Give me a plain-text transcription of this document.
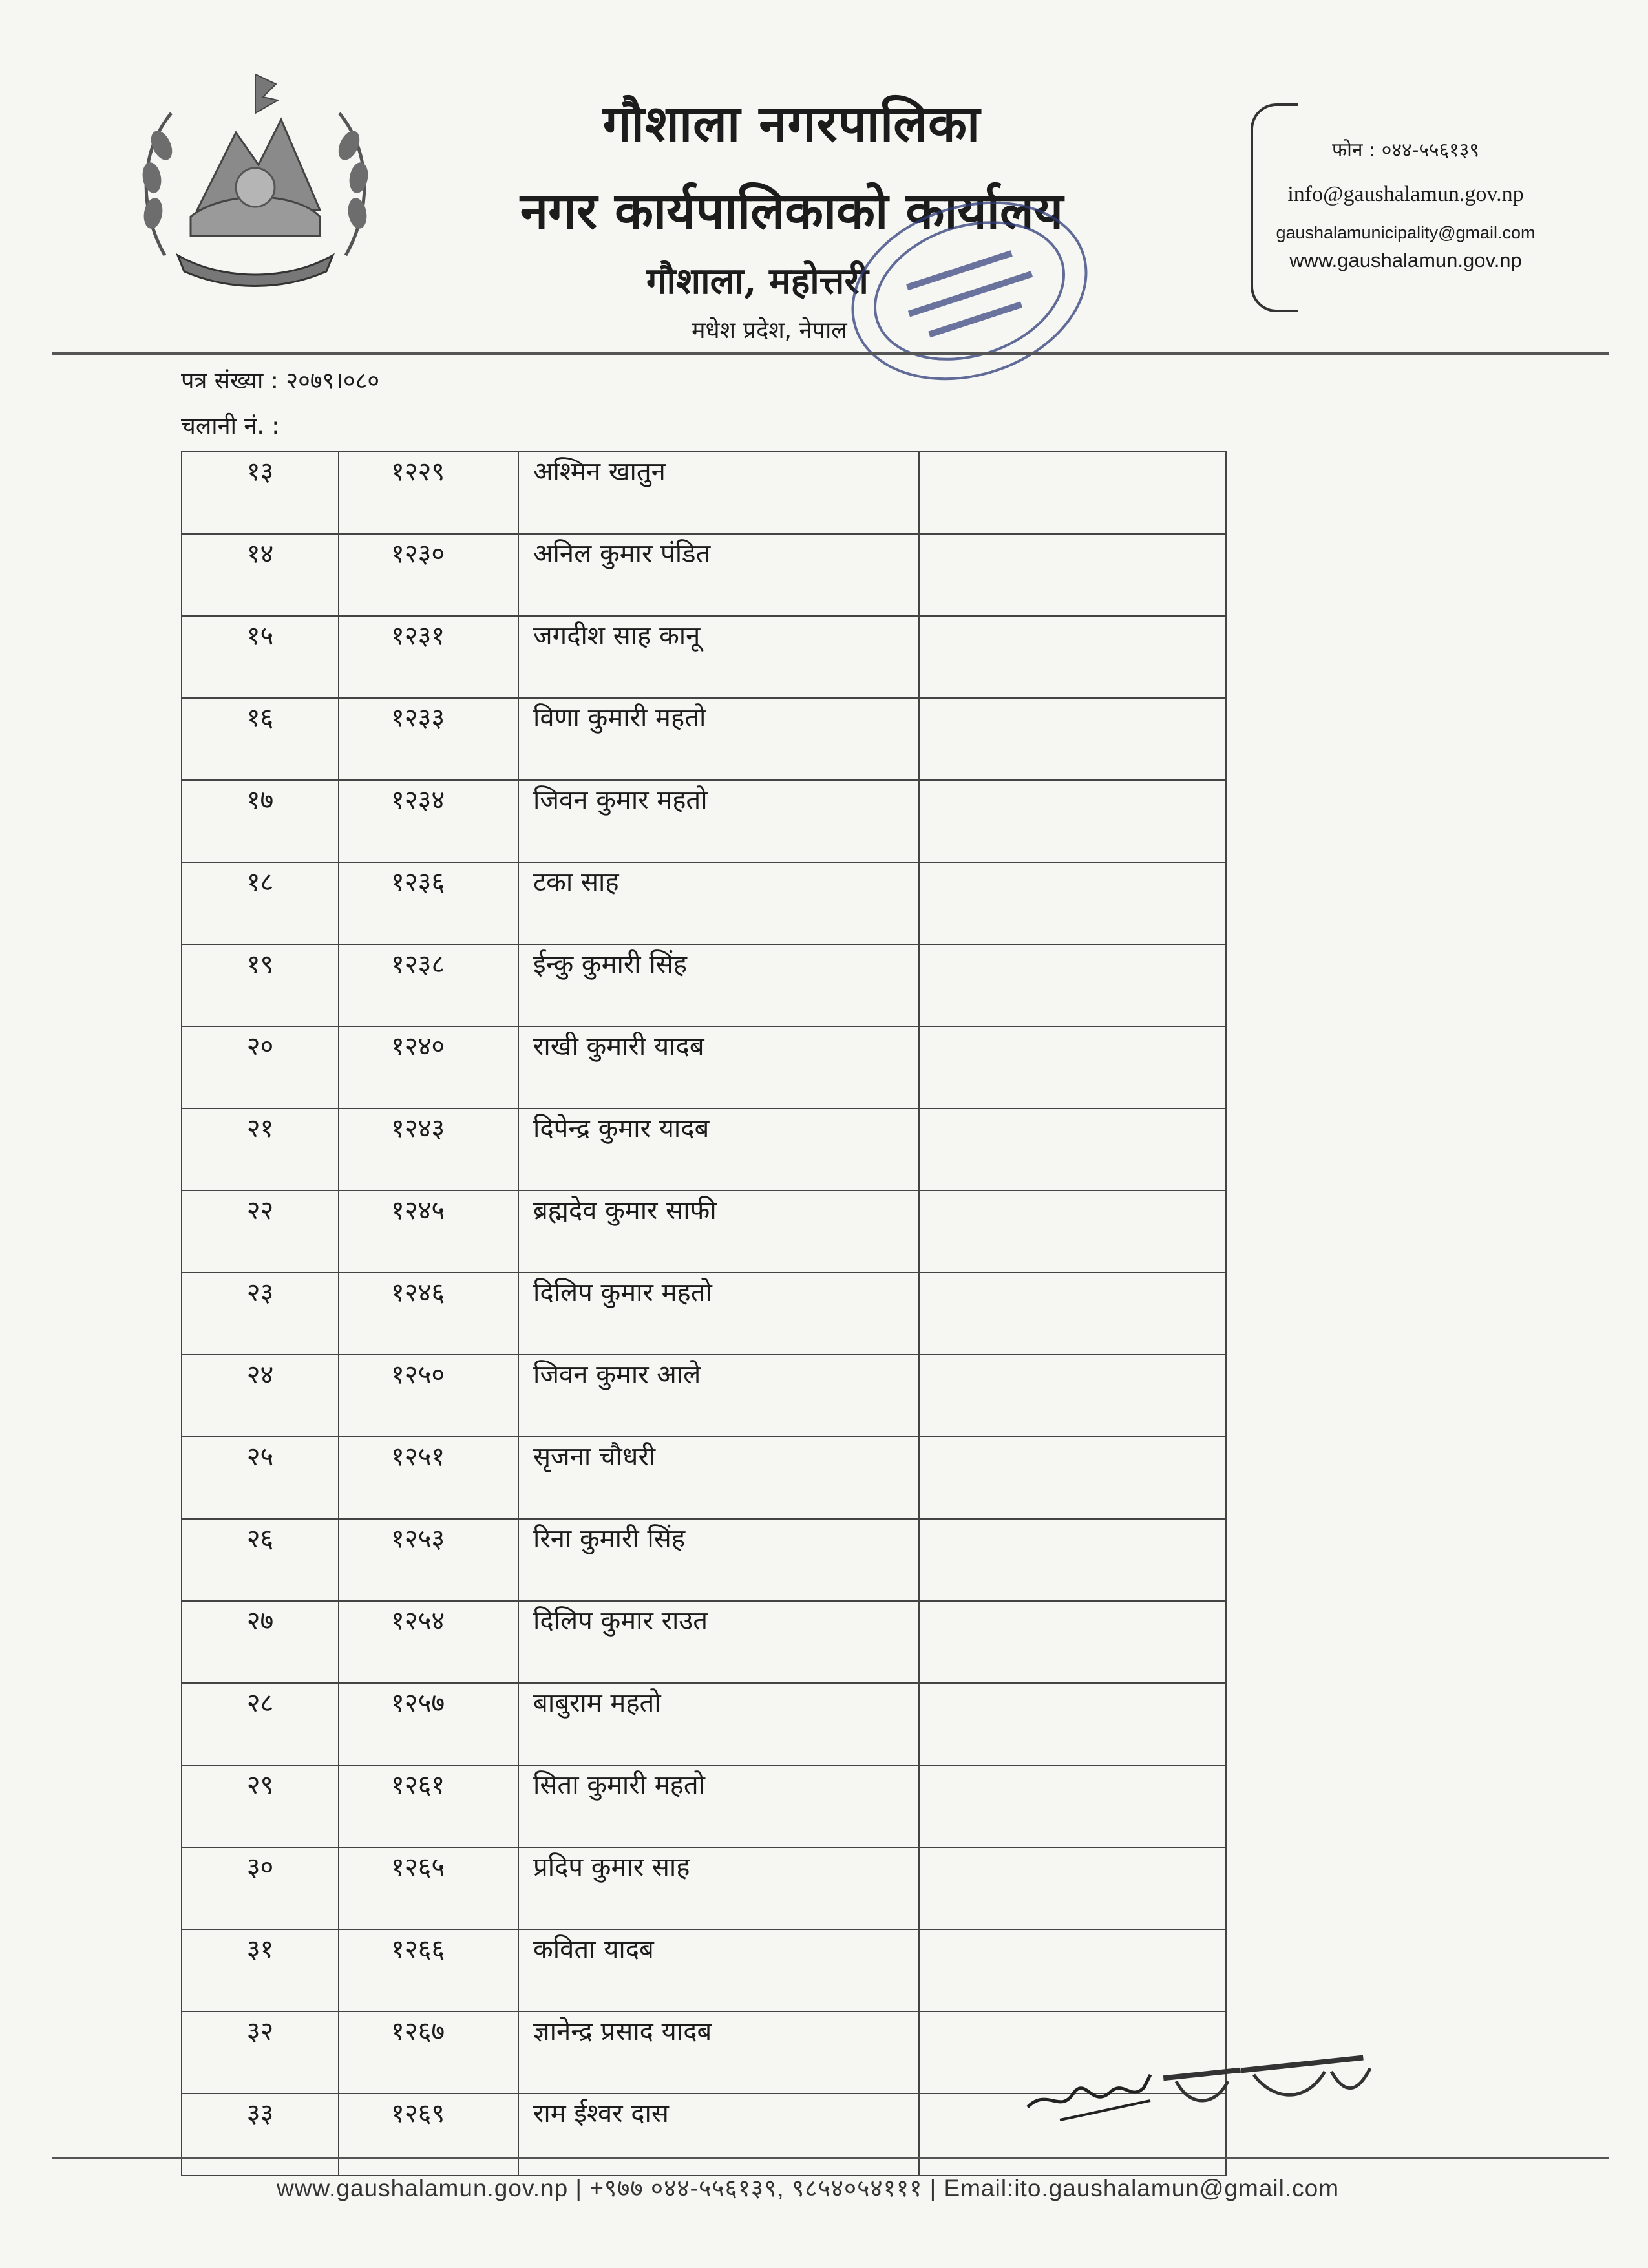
गौशाला नगरपालिका
नगर कार्यपालिकाको कार्यालय
गौशाला, महोत्तरी
मधेश प्रदेश, नेपाल
फोन : ०४४-५५६१३९
info@gaushalamun.gov.np
gaushalamunicipality@gmail.com
www.gaushalamun.gov.np
पत्र संख्या : २०७९।०८०
चलानी नं. :
१३	१२२९	अश्मिन खातुन	
१४	१२३०	अनिल कुमार पंडित	
१५	१२३१	जगदीश साह कानू	
१६	१२३३	विणा कुमारी महतो	
१७	१२३४	जिवन कुमार महतो	
१८	१२३६	टका साह	
१९	१२३८	ईन्कु कुमारी सिंह	
२०	१२४०	राखी कुमारी यादब	
२१	१२४३	दिपेन्द्र कुमार यादब	
२२	१२४५	ब्रह्मदेव कुमार साफी	
२३	१२४६	दिलिप कुमार महतो	
२४	१२५०	जिवन कुमार आले	
२५	१२५१	सृजना चौधरी	
२६	१२५३	रिना कुमारी सिंह	
२७	१२५४	दिलिप कुमार राउत	
२८	१२५७	बाबुराम महतो	
२९	१२६१	सिता कुमारी महतो	
३०	१२६५	प्रदिप कुमार साह	
३१	१२६६	कविता यादब	
३२	१२६७	ज्ञानेन्द्र प्रसाद यादब	
३३	१२६९	राम ईश्वर दास	
www.gaushalamun.gov.np | +९७७ ०४४-५५६१३९, ९८५४०५४१११ | Email:ito.gaushalamun@gmail.com
